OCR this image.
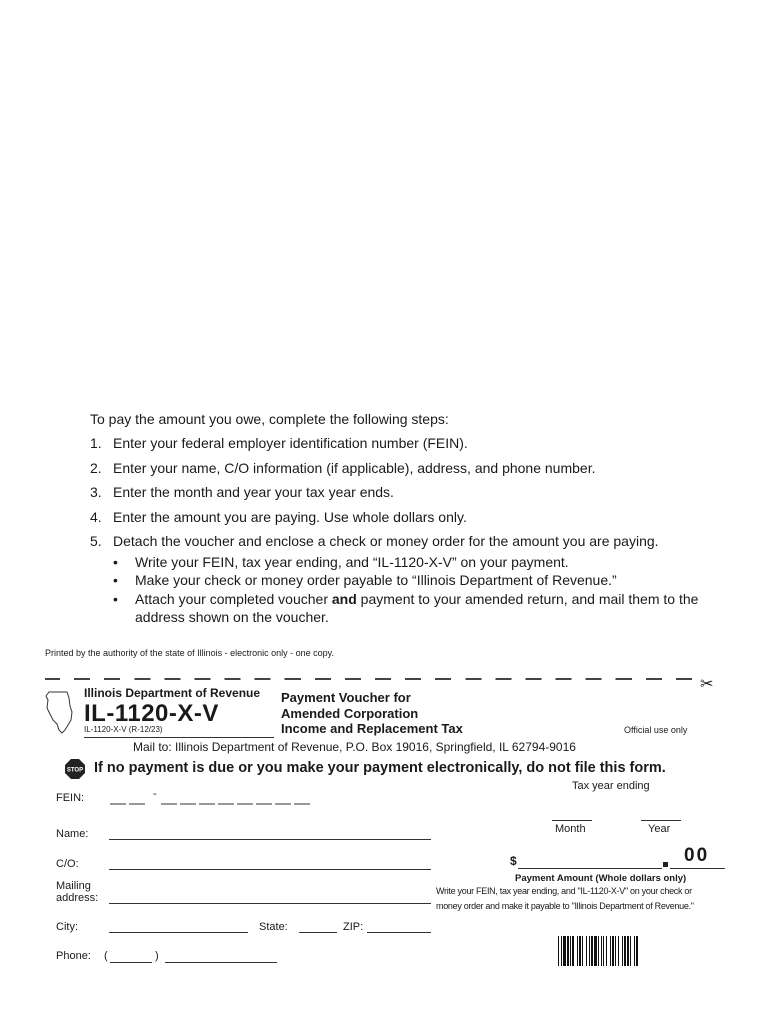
To pay the amount you owe, complete the following steps:

1. Enter your federal employer identification number (FEIN).
2. Enter your name, C/O information (if applicable), address, and phone number.
3. Enter the month and year your tax year ends.
4. Enter the amount you are paying. Use whole dollars only.
5. Detach the voucher and enclose a check or money order for the amount you are paying.
•	Write your FEIN, tax year ending, and “IL-1120-X-V” on your payment.
•	Make your check or money order payable to “Illinois Department of Revenue.”
•	Attach your completed voucher and payment to your amended return, and mail them to the address shown on the voucher.
Printed by the authority of the state of Illinois - electronic only - one copy.
✂
Illinois Department of Revenue
IL-1120-X-V
IL-1120-X-V (R-12/23)
Payment Voucher for
Amended Corporation
Income and Replacement Tax	Official use only
Mail to: Illinois Department of Revenue, P.O. Box 19016, Springfield, IL 62794-9016
STOP If no payment is due or you make your payment electronically, do not file this form.
FEIN:	-
Name:
C/O:
Mailing
address:
City:	State:	ZIP:
Phone: (	)
Tax year ending
Month	Year
$	00
Payment Amount (Whole dollars only)
Write your FEIN, tax year ending, and "IL-1120-X-V" on your check or
money order and make it payable to "Illinois Department of Revenue."
